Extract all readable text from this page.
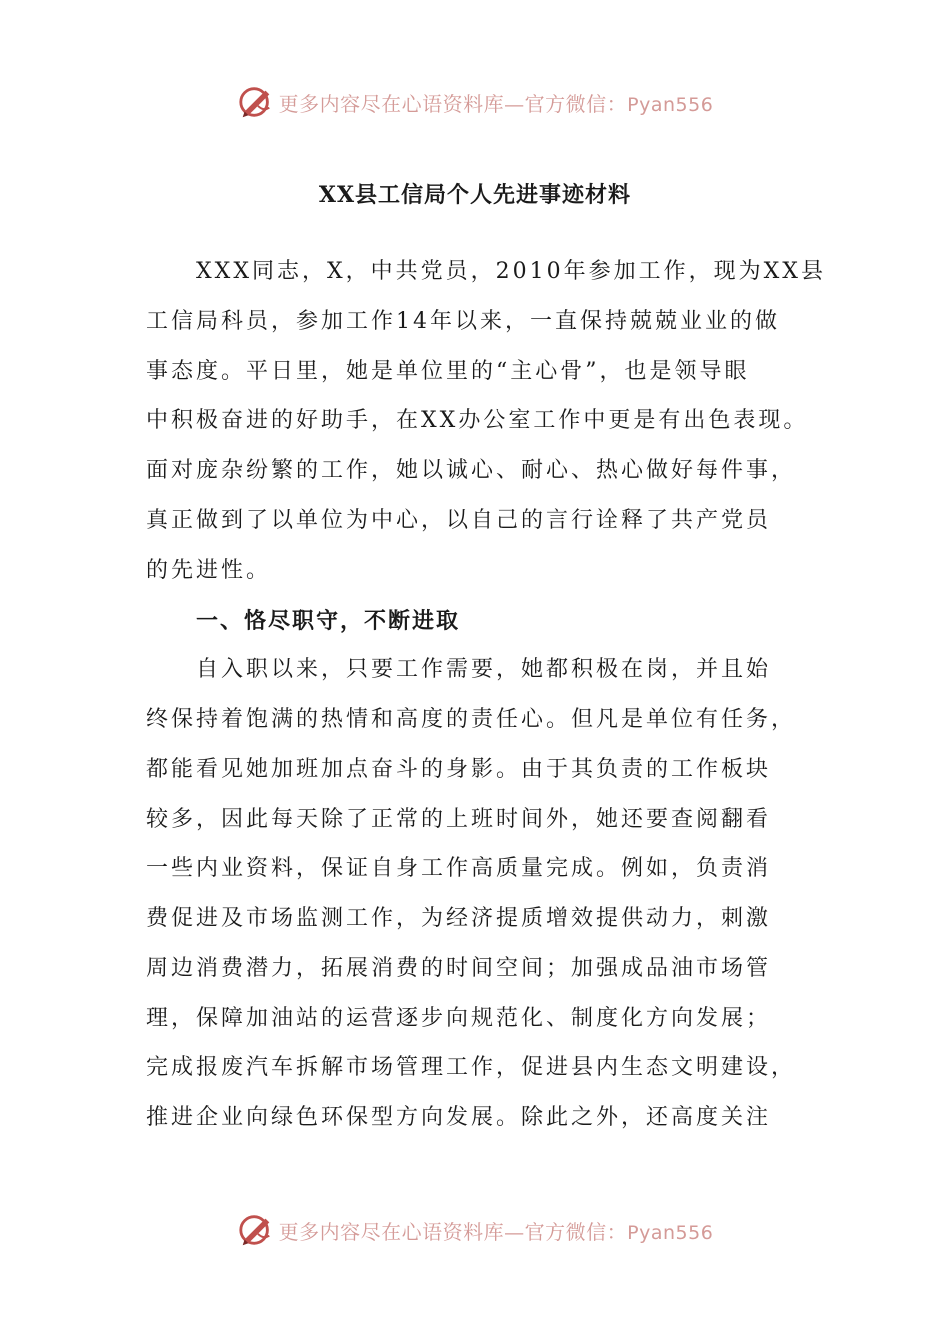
更多内容尽在心语资料库—官方微信：Pyan556
XX县工信局个人先进事迹材料
XXX同志，X，中共党员，2010年参加工作，现为XX县
工信局科员，参加工作14年以来，一直保持兢兢业业的做
事态度。平日里，她是单位里的“主心骨”，也是领导眼
中积极奋进的好助手，在XX办公室工作中更是有出色表现。
面对庞杂纷繁的工作，她以诚心、耐心、热心做好每件事，
真正做到了以单位为中心，以自己的言行诠释了共产党员
的先进性。
一、恪尽职守，不断进取
自入职以来，只要工作需要，她都积极在岗，并且始
终保持着饱满的热情和高度的责任心。但凡是单位有任务，
都能看见她加班加点奋斗的身影。由于其负责的工作板块
较多，因此每天除了正常的上班时间外，她还要查阅翻看
一些内业资料，保证自身工作高质量完成。例如，负责消
费促进及市场监测工作，为经济提质增效提供动力，刺激
周边消费潜力，拓展消费的时间空间；加强成品油市场管
理，保障加油站的运营逐步向规范化、制度化方向发展；
完成报废汽车拆解市场管理工作，促进县内生态文明建设，
推进企业向绿色环保型方向发展。除此之外，还高度关注
更多内容尽在心语资料库—官方微信：Pyan556
